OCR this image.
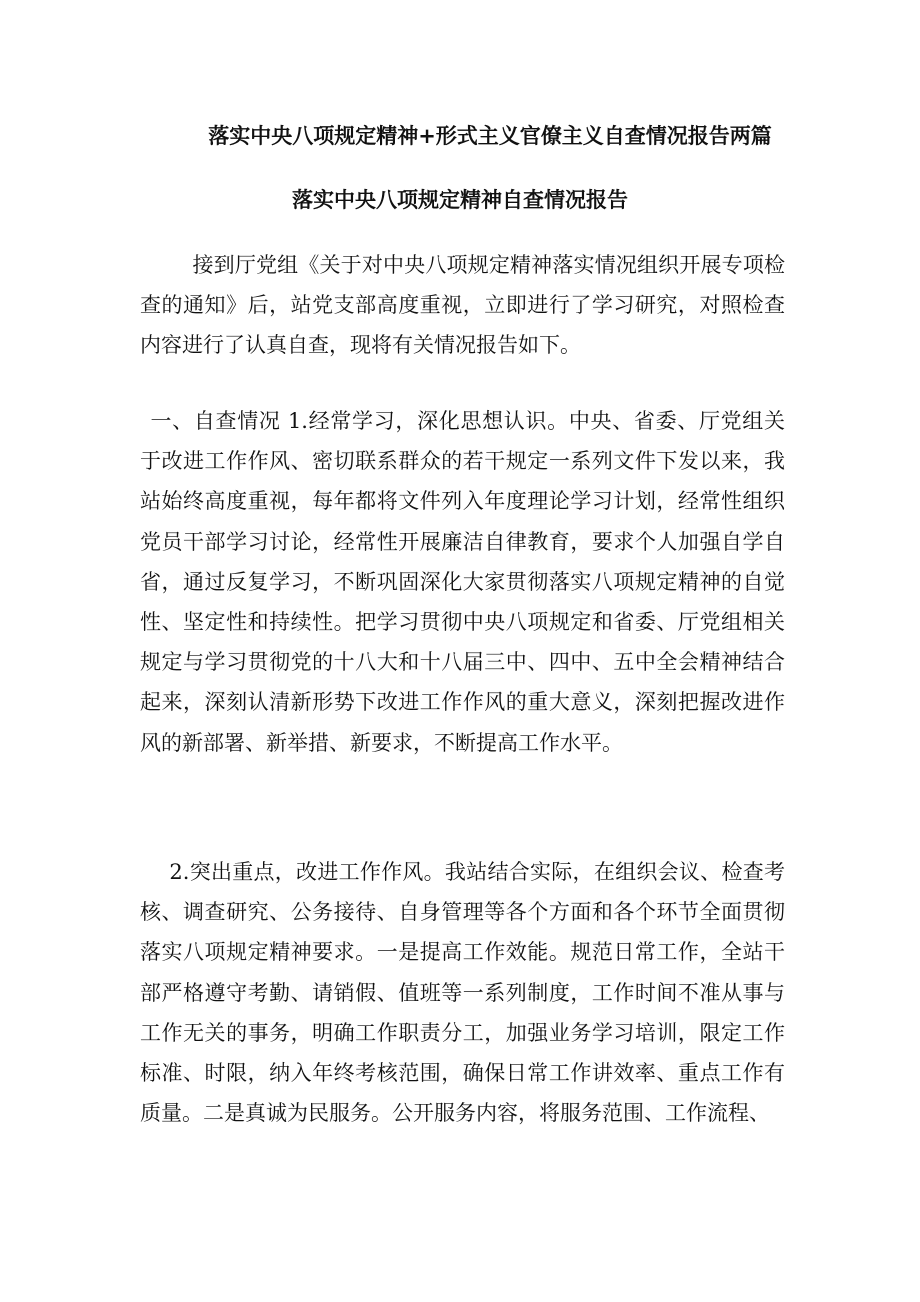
落实中央八项规定精神+形式主义官僚主义自查情况报告两篇
落实中央八项规定精神自查情况报告
接到厅党组《关于对中央八项规定精神落实情况组织开展专项检查的通知》后，站党支部高度重视，立即进行了学习研究，对照检查内容进行了认真自查，现将有关情况报告如下。
一、自查情况 1.经常学习，深化思想认识。中央、省委、厅党组关于改进工作作风、密切联系群众的若干规定一系列文件下发以来，我站始终高度重视，每年都将文件列入年度理论学习计划，经常性组织党员干部学习讨论，经常性开展廉洁自律教育，要求个人加强自学自省，通过反复学习，不断巩固深化大家贯彻落实八项规定精神的自觉性、坚定性和持续性。把学习贯彻中央八项规定和省委、厅党组相关规定与学习贯彻党的十八大和十八届三中、四中、五中全会精神结合起来，深刻认清新形势下改进工作作风的重大意义，深刻把握改进作风的新部署、新举措、新要求，不断提高工作水平。
2.突出重点，改进工作作风。我站结合实际，在组织会议、检查考核、调查研究、公务接待、自身管理等各个方面和各个环节全面贯彻落实八项规定精神要求。一是提高工作效能。规范日常工作，全站干部严格遵守考勤、请销假、值班等一系列制度，工作时间不准从事与工作无关的事务，明确工作职责分工，加强业务学习培训，限定工作标准、时限，纳入年终考核范围，确保日常工作讲效率、重点工作有质量。二是真诚为民服务。公开服务内容，将服务范围、工作流程、
